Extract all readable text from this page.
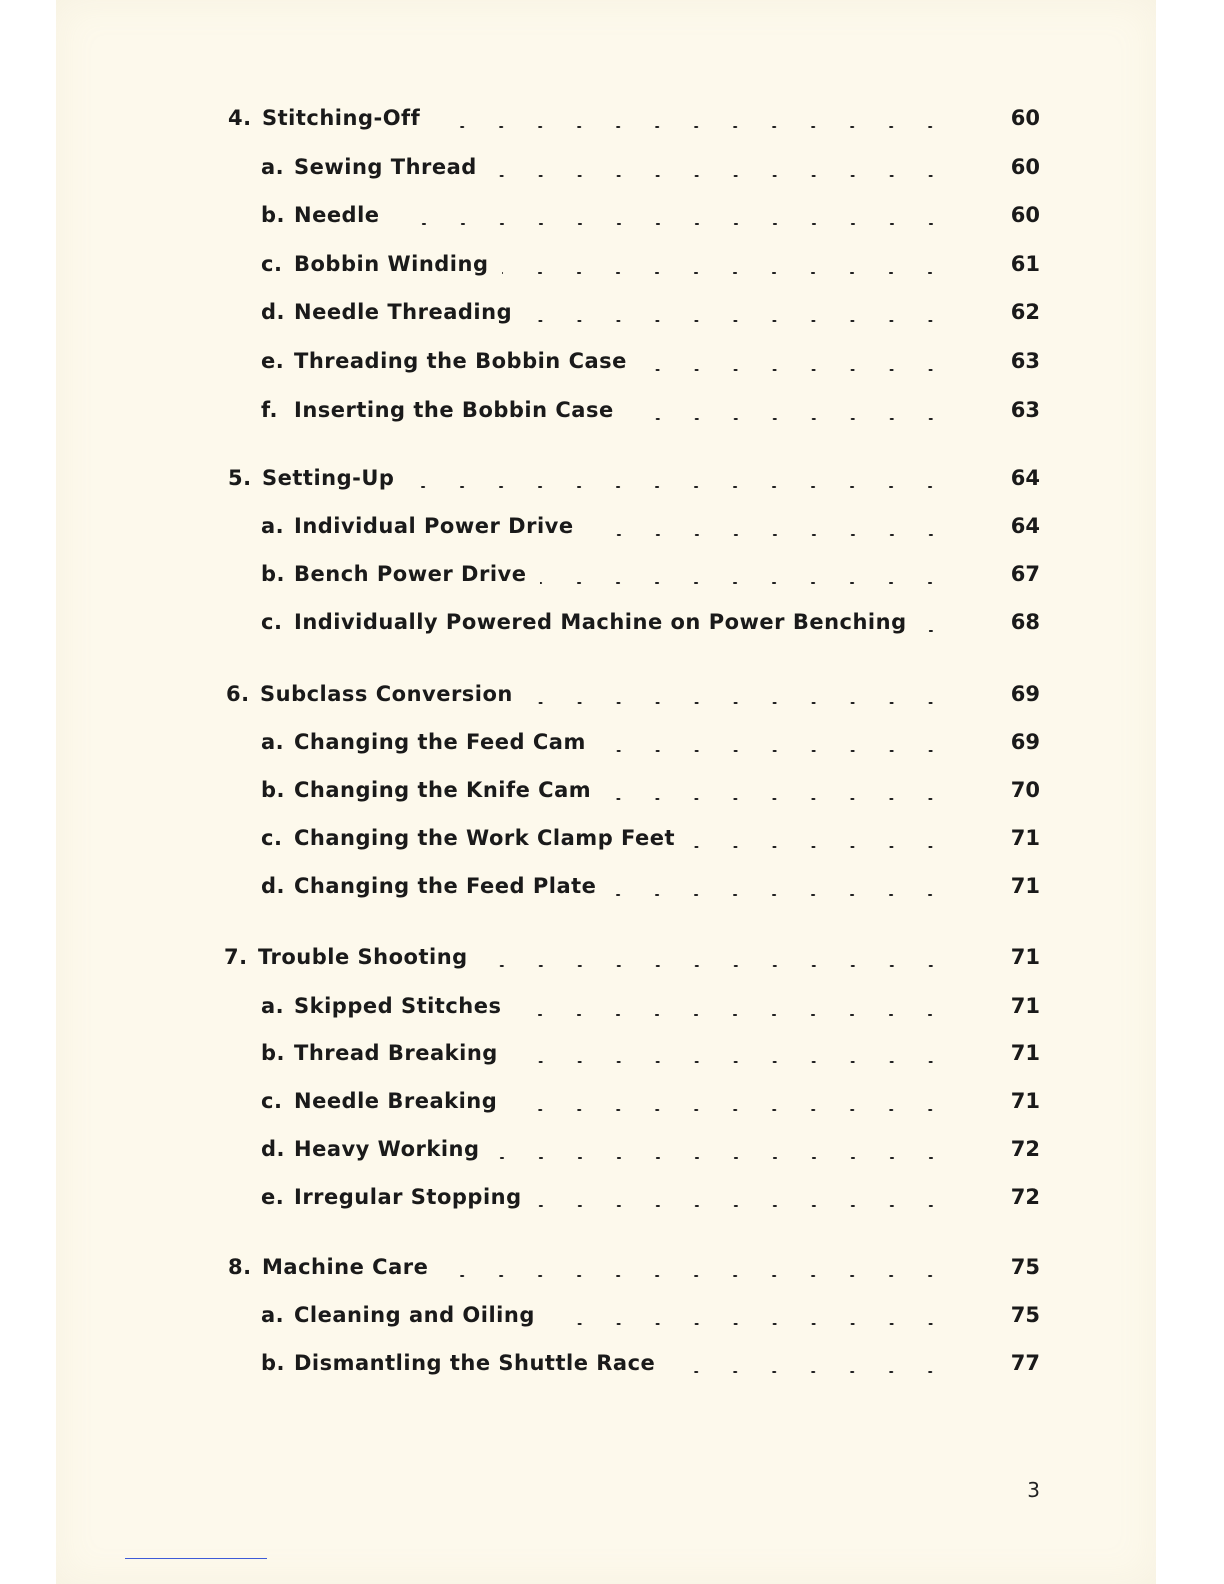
4. Stitching-Off	60
a. Sewing Thread	60
b. Needle	60
c. Bobbin Winding	61
d. Needle Threading	62
e. Threading the Bobbin Case	63
f. Inserting the Bobbin Case	63
5. Setting-Up	64
a. Individual Power Drive	64
b. Bench Power Drive	67
c. Individually Powered Machine on Power Benching	68
6. Subclass Conversion	69
a. Changing the Feed Cam	69
b. Changing the Knife Cam	70
c. Changing the Work Clamp Feet	71
d. Changing the Feed Plate	71
7. Trouble Shooting	71
a. Skipped Stitches	71
b. Thread Breaking	71
c. Needle Breaking	71
d. Heavy Working	72
e. Irregular Stopping	72
8. Machine Care	75
a. Cleaning and Oiling	75
b. Dismantling the Shuttle Race	77
3
